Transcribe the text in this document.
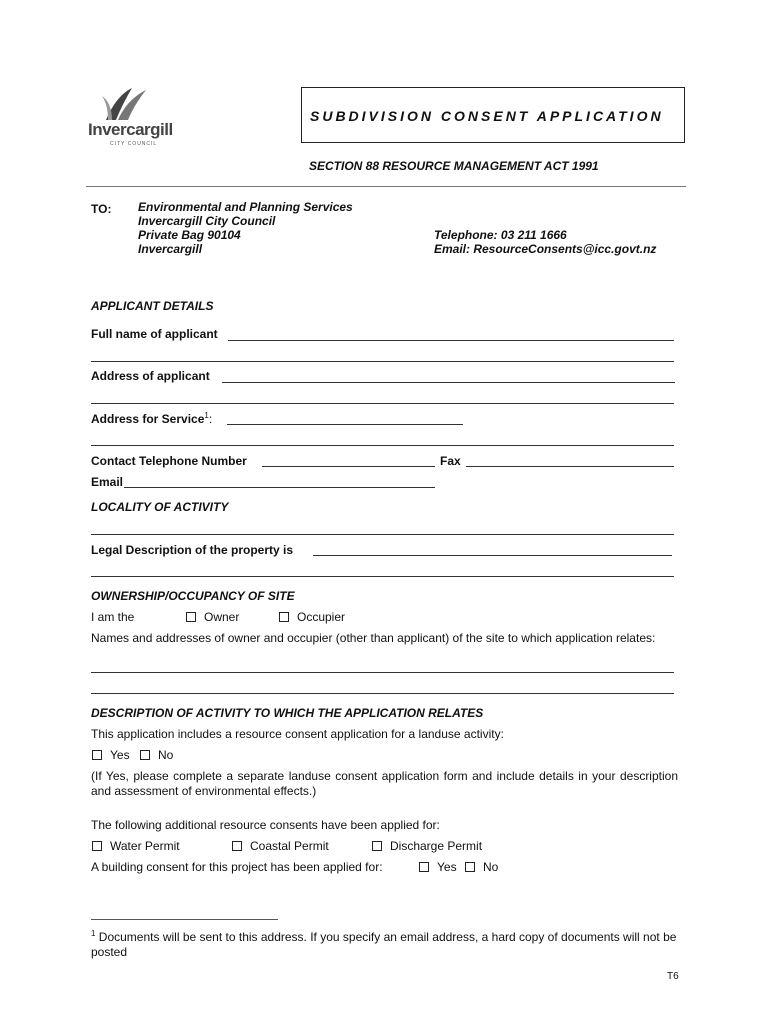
Invercargill
CITY COUNCIL
SUBDIVISION CONSENT APPLICATION
SECTION 88 RESOURCE MANAGEMENT ACT 1991
TO: Environmental and Planning Services
Invercargill City Council
Private Bag 90104
Invercargill
Telephone: 03 211 1666
Email: ResourceConsents@icc.govt.nz
APPLICANT DETAILS
Full name of applicant
Address of applicant
Address for Service$^1$:
Contact Telephone Number	Fax
Email
LOCALITY OF ACTIVITY
Legal Description of the property is
OWNERSHIP/OCCUPANCY OF SITE
I am the	Owner	Occupier
Names and addresses of owner and occupier (other than applicant) of the site to which application relates:
DESCRIPTION OF ACTIVITY TO WHICH THE APPLICATION RELATES
This application includes a resource consent application for a landuse activity:
Yes	No
(If Yes, please complete a separate landuse consent application form and include details in your description and assessment of environmental effects.)
The following additional resource consents have been applied for:
Water Permit	Coastal Permit	Discharge Permit
A building consent for this project has been applied for:	Yes	No
$^1$ Documents will be sent to this address. If you specify an email address, a hard copy of documents will not be posted
T6
